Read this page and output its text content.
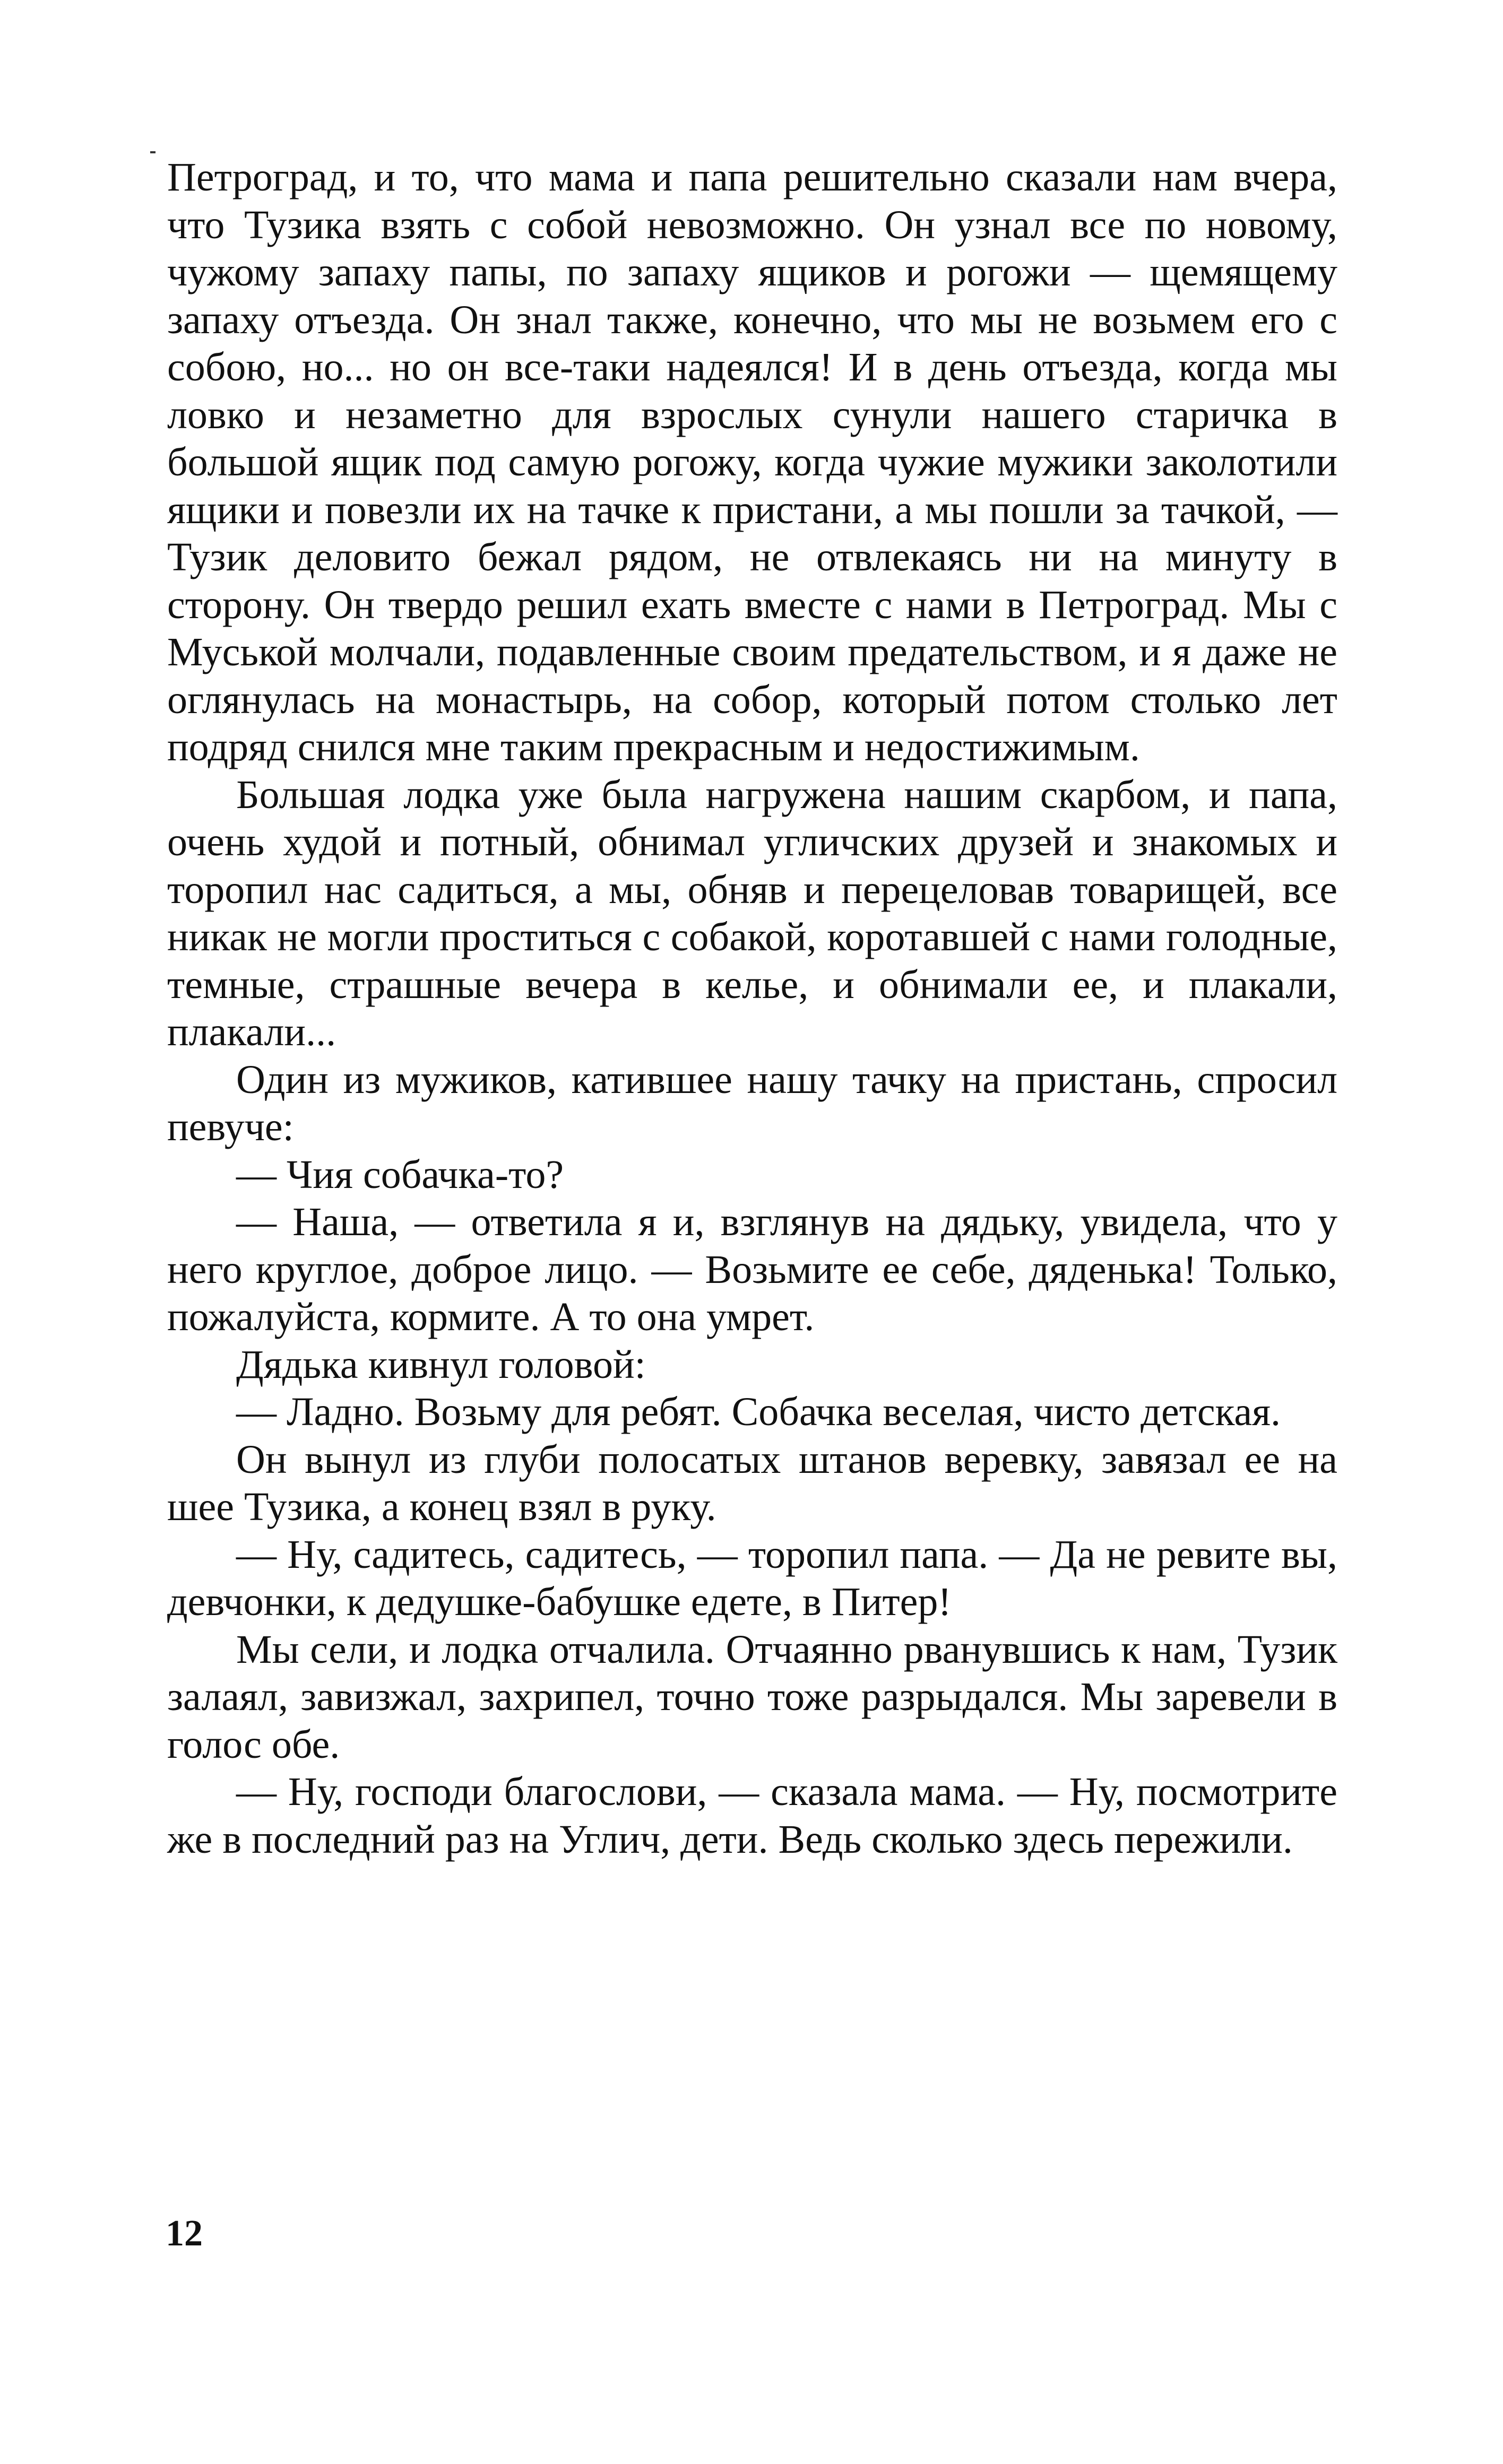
Петроград, и то, что мама и папа решительно сказали нам вчера, что Тузика взять с собой невозможно. Он узнал все по новому, чужому запаху папы, по запаху ящиков и рогожи — щемящему запаху отъезда. Он знал также, конечно, что мы не возьмем его с собою, но... но он все-таки надеялся! И в день отъезда, когда мы ловко и незаметно для взрослых сунули нашего старичка в большой ящик под самую рогожу, когда чужие мужики заколотили ящики и повезли их на тачке к пристани, а мы пошли за тачкой, — Тузик деловито бежал рядом, не отвлекаясь ни на минуту в сторону. Он твердо решил ехать вместе с нами в Петроград. Мы с Муськой молчали, подавленные своим предательством, и я даже не оглянулась на монастырь, на собор, который потом столько лет подряд снился мне таким прекрасным и недостижимым.

Большая лодка уже была нагружена нашим скарбом, и папа, очень худой и потный, обнимал угличских друзей и знакомых и торопил нас садиться, а мы, обняв и перецеловав товарищей, все никак не могли проститься с собакой, коротавшей с нами голодные, темные, страшные вечера в келье, и обнимали ее, и плакали, плакали...

Один из мужиков, катившее нашу тачку на пристань, спросил певуче:

— Чия собачка-то?

— Наша, — ответила я и, взглянув на дядьку, увидела, что у него круглое, доброе лицо. — Возьмите ее себе, дяденька! Только, пожалуйста, кормите. А то она умрет.

Дядька кивнул головой:

— Ладно. Возьму для ребят. Собачка веселая, чисто детская.

Он вынул из глуби полосатых штанов веревку, завязал ее на шее Тузика, а конец взял в руку.

— Ну, садитесь, садитесь, — торопил папа. — Да не ревите вы, девчонки, к дедушке-бабушке едете, в Питер!

Мы сели, и лодка отчалила. Отчаянно рванувшись к нам, Тузик залаял, завизжал, захрипел, точно тоже разрыдался. Мы заревели в голос обе.

— Ну, господи благослови, — сказала мама. — Ну, посмотрите же в последний раз на Углич, дети. Ведь сколько здесь пережили.

12
